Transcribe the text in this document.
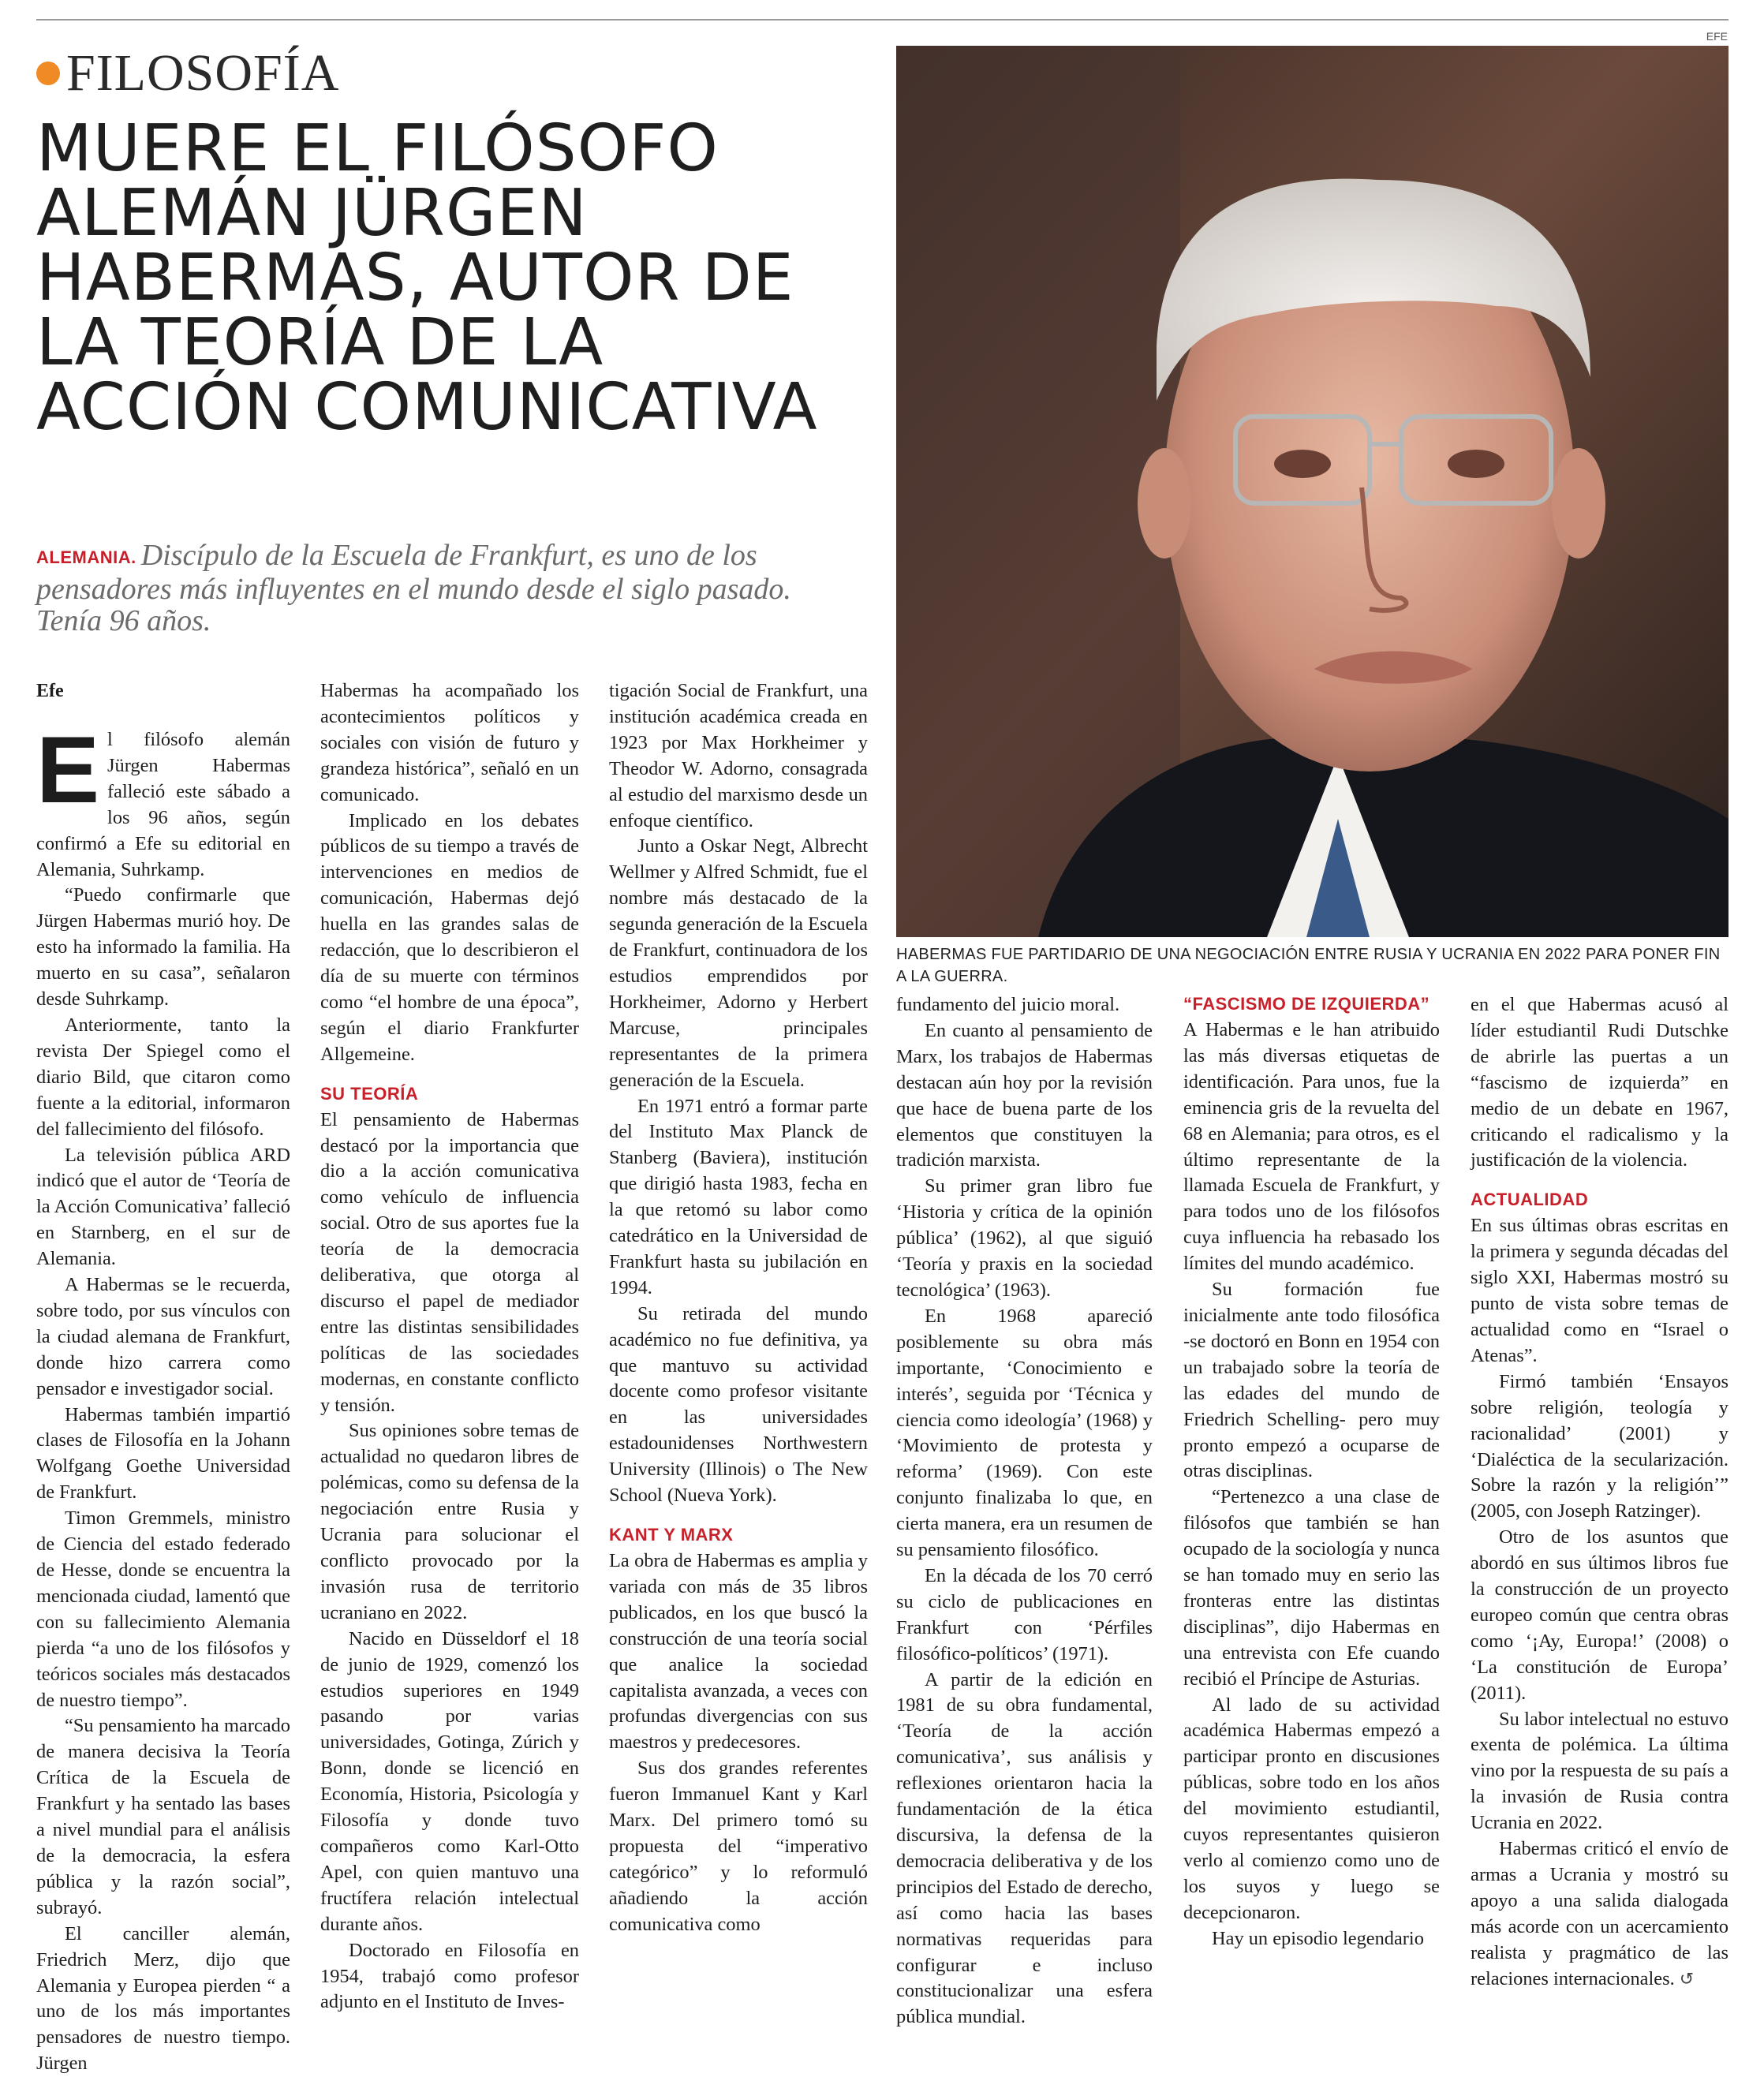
FILOSOFÍA
MUERE EL FILÓSOFO ALEMÁN JÜRGEN HABERMAS, AUTOR DE LA TEORÍA DE LA ACCIÓN COMUNICATIVA

ALEMANIA. Discípulo de la Escuela de Frankfurt, es uno de los pensadores más influyentes en el mundo desde el siglo pasado. Tenía 96 años.

EFE
HABERMAS FUE PARTIDARIO DE UNA NEGOCIACIÓN ENTRE RUSIA Y UCRANIA EN 2022 PARA PONER FIN A LA GUERRA.
Efe
E l filósofo alemán Jürgen Habermas falleció este sábado a los 96 años, según confirmó a Efe su editorial en Alemania, Suhrkamp.

“Puedo confirmarle que Jürgen Habermas murió hoy. De esto ha informado la familia. Ha muerto en su casa”, señalaron desde Suhrkamp.

Anteriormente, tanto la revista Der Spiegel como el diario Bild, que citaron como fuente a la editorial, informaron del fallecimiento del filósofo.

La televisión pública ARD indicó que el autor de ‘Teoría de la Acción Comunicativa’ falleció en Starnberg, en el sur de Alemania.

A Habermas se le recuerda, sobre todo, por sus vínculos con la ciudad alemana de Frankfurt, donde hizo carrera como pensador e investigador social.

Habermas también impartió clases de Filosofía en la Johann Wolfgang Goethe Universidad de Frankfurt.

Timon Gremmels, ministro de Ciencia del estado federado de Hesse, donde se encuentra la mencionada ciudad, lamentó que con su fallecimiento Alemania pierda “a uno de los filósofos y teóricos sociales más destacados de nuestro tiempo”.

“Su pensamiento ha marcado de manera decisiva la Teoría Crítica de la Escuela de Frankfurt y ha sentado las bases a nivel mundial para el análisis de la democracia, la esfera pública y la razón social”, subrayó.

El canciller alemán, Friedrich Merz, dijo que Alemania y Europea pierden “ a uno de los más importantes pensadores de nuestro tiempo. Jürgen

Habermas ha acompañado los acontecimientos políticos y sociales con visión de futuro y grandeza histórica”, señaló en un comunicado.

Implicado en los debates públicos de su tiempo a través de intervenciones en medios de comunicación, Habermas dejó huella en las grandes salas de redacción, que lo describieron el día de su muerte con términos como “el hombre de una época”, según el diario Frankfurter Allgemeine.

SU TEORÍA

El pensamiento de Habermas destacó por la importancia que dio a la acción comunicativa como vehículo de influencia social. Otro de sus aportes fue la teoría de la democracia deliberativa, que otorga al discurso el papel de mediador entre las distintas sensibilidades políticas de las sociedades modernas, en constante conflicto y tensión.

Sus opiniones sobre temas de actualidad no quedaron libres de polémicas, como su defensa de la negociación entre Rusia y Ucrania para solucionar el conflicto provocado por la invasión rusa de territorio ucraniano en 2022.

Nacido en Düsseldorf el 18 de junio de 1929, comenzó los estudios superiores en 1949 pasando por varias universidades, Gotinga, Zúrich y Bonn, donde se licenció en Economía, Historia, Psicología y Filosofía y donde tuvo compañeros como Karl-Otto Apel, con quien mantuvo una fructífera relación intelectual durante años.

Doctorado en Filosofía en 1954, trabajó como profesor adjunto en el Instituto de Inves-

tigación Social de Frankfurt, una institución académica creada en 1923 por Max Horkheimer y Theodor W. Adorno, consagrada al estudio del marxismo desde un enfoque científico.

Junto a Oskar Negt, Albrecht Wellmer y Alfred Schmidt, fue el nombre más destacado de la segunda generación de la Escuela de Frankfurt, continuadora de los estudios emprendidos por Horkheimer, Adorno y Herbert Marcuse, principales representantes de la primera generación de la Escuela.

En 1971 entró a formar parte del Instituto Max Planck de Stanberg (Baviera), institución que dirigió hasta 1983, fecha en la que retomó su labor como catedrático en la Universidad de Frankfurt hasta su jubilación en 1994.

Su retirada del mundo académico no fue definitiva, ya que mantuvo su actividad docente como profesor visitante en las universidades estadounidenses Northwestern University (Illinois) o The New School (Nueva York).

KANT Y MARX

La obra de Habermas es amplia y variada con más de 35 libros publicados, en los que buscó la construcción de una teoría social que analice la sociedad capitalista avanzada, a veces con profundas divergencias con sus maestros y predecesores.

Sus dos grandes referentes fueron Immanuel Kant y Karl Marx. Del primero tomó su propuesta del “imperativo categórico” y lo reformuló añadiendo la acción comunicativa como

fundamento del juicio moral.

En cuanto al pensamiento de Marx, los trabajos de Habermas destacan aún hoy por la revisión que hace de buena parte de los elementos que constituyen la tradición marxista.

Su primer gran libro fue ‘Historia y crítica de la opinión pública’ (1962), al que siguió ‘Teoría y praxis en la sociedad tecnológica’ (1963).

En 1968 apareció posiblemente su obra más importante, ‘Conocimiento e interés’, seguida por ‘Técnica y ciencia como ideología’ (1968) y ‘Movimiento de protesta y reforma’ (1969). Con este conjunto finalizaba lo que, en cierta manera, era un resumen de su pensamiento filosófico.

En la década de los 70 cerró su ciclo de publicaciones en Frankfurt con ‘Pérfiles filosófico-políticos’ (1971).

A partir de la edición en 1981 de su obra fundamental, ‘Teoría de la acción comunicativa’, sus análisis y reflexiones orientaron hacia la fundamentación de la ética discursiva, la defensa de la democracia deliberativa y de los principios del Estado de derecho, así como hacia las bases normativas requeridas para configurar e incluso constitucionalizar una esfera pública mundial.

“FASCISMO DE IZQUIERDA”

A Habermas e le han atribuido las más diversas etiquetas de identificación. Para unos, fue la eminencia gris de la revuelta del 68 en Alemania; para otros, es el último representante de la llamada Escuela de Frankfurt, y para todos uno de los filósofos cuya influencia ha rebasado los límites del mundo académico.

Su formación fue inicialmente ante todo filosófica -se doctoró en Bonn en 1954 con un trabajado sobre la teoría de las edades del mundo de Friedrich Schelling- pero muy pronto empezó a ocuparse de otras disciplinas.

“Pertenezco a una clase de filósofos que también se han ocupado de la sociología y nunca se han tomado muy en serio las fronteras entre las distintas disciplinas”, dijo Habermas en una entrevista con Efe cuando recibió el Príncipe de Asturias.

Al lado de su actividad académica Habermas empezó a participar pronto en discusiones públicas, sobre todo en los años del movimiento estudiantil, cuyos representantes quisieron verlo al comienzo como uno de los suyos y luego se decepcionaron.

Hay un episodio legendario

en el que Habermas acusó al líder estudiantil Rudi Dutschke de abrirle las puertas a un “fascismo de izquierda” en medio de un debate en 1967, criticando el radicalismo y la justificación de la violencia.

ACTUALIDAD

En sus últimas obras escritas en la primera y segunda décadas del siglo XXI, Habermas mostró su punto de vista sobre temas de actualidad como en “Israel o Atenas”.

Firmó también ‘Ensayos sobre religión, teología y racionalidad’ (2001) y ‘Dialéctica de la secularización. Sobre la razón y la religión’” (2005, con Joseph Ratzinger).

Otro de los asuntos que abordó en sus últimos libros fue la construcción de un proyecto europeo común que centra obras como ‘¡Ay, Europa!’ (2008) o ‘La constitución de Europa’ (2011).

Su labor intelectual no estuvo exenta de polémica. La última vino por la respuesta de su país a la invasión de Rusia contra Ucrania en 2022.

Habermas criticó el envío de armas a Ucrania y mostró su apoyo a una salida dialogada más acorde con un acercamiento realista y pragmático de las relaciones internacionales. ↺
